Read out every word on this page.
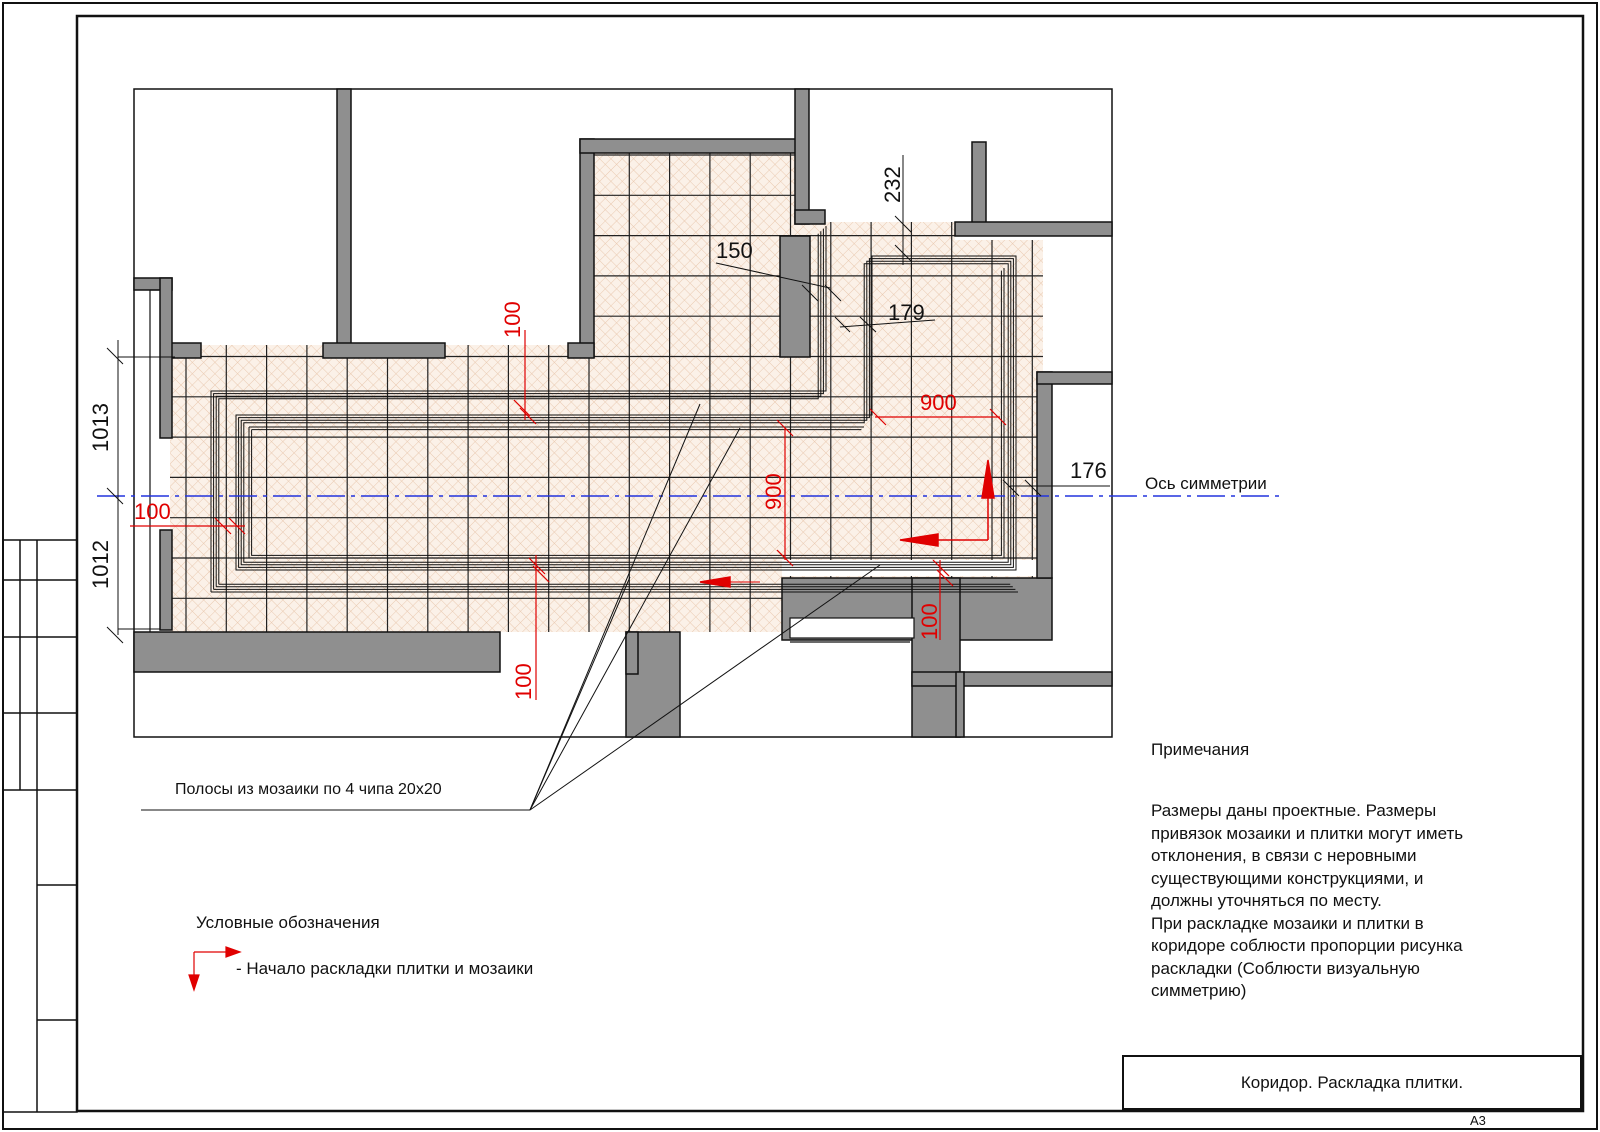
232
150
179
176
1013
1012
100
100
100
100
900
900
Ось симметрии
Полосы из мозаики по 4 чипа 20х20
Условные обозначения
- Начало раскладки плитки и мозаики
Примечания
Размеры даны проектные. Размеры
привязок мозаики и плитки могут иметь
отклонения, в связи с неровными
существующими конструкциями, и
должны уточняться по месту.
При раскладке мозаики и плитки в
коридоре соблюсти пропорции рисунка
раскладки (Соблюсти визуальную
симметрию)
Коридор. Раскладка плитки.
A3
